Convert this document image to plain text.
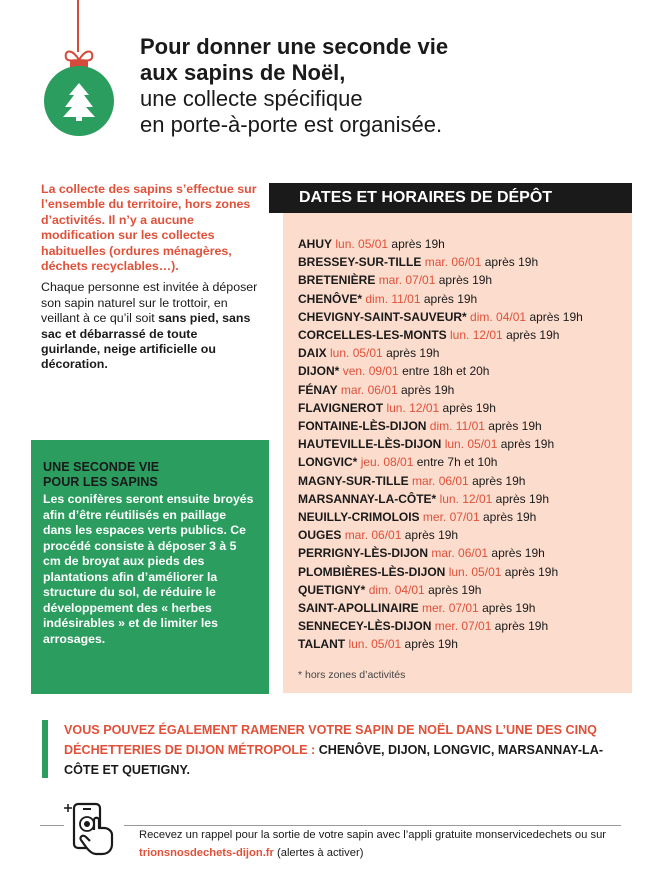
Pour donner une seconde vie
aux sapins de Noël,
une collecte spécifique
en porte-à-porte est organisée.
La collecte des sapins s’effectue sur l’ensemble du territoire, hors zones d’activités. Il n’y a aucune modification sur les collectes habituelles (ordures ménagères, déchets recyclables…).

Chaque personne est invitée à déposer son sapin naturel sur le trottoir, en veillant à ce qu’il soit sans pied, sans sac et débarrassé de toute guirlande, neige artificielle ou décoration.

UNE SECONDE VIE
POUR LES SAPINS
Les conifères seront ensuite broyés afin d’être réutilisés en paillage dans les espaces verts publics. Ce procédé consiste à déposer 3 à 5 cm de broyat aux pieds des plantations afin d’améliorer la structure du sol, de réduire le développement des « herbes indésirables » et de limiter les arrosages.
DATES ET HORAIRES DE DÉPÔT
AHUY lun. 05/01 après 19h
BRESSEY-SUR-TILLE mar. 06/01 après 19h
BRETENIÈRE mar. 07/01 après 19h
CHENÔVE* dim. 11/01 après 19h
CHEVIGNY-SAINT-SAUVEUR* dim. 04/01 après 19h
CORCELLES-LES-MONTS lun. 12/01 après 19h
DAIX lun. 05/01 après 19h
DIJON* ven. 09/01 entre 18h et 20h
FÉNAY mar. 06/01 après 19h
FLAVIGNEROT lun. 12/01 après 19h
FONTAINE-LÈS-DIJON dim. 11/01 après 19h
HAUTEVILLE-LÈS-DIJON lun. 05/01 après 19h
LONGVIC* jeu. 08/01 entre 7h et 10h
MAGNY-SUR-TILLE mar. 06/01 après 19h
MARSANNAY-LA-CÔTE* lun. 12/01 après 19h
NEUILLY-CRIMOLOIS mer. 07/01 après 19h
OUGES mar. 06/01 après 19h
PERRIGNY-LÈS-DIJON mar. 06/01 après 19h
PLOMBIÈRES-LÈS-DIJON lun. 05/01 après 19h
QUETIGNY* dim. 04/01 après 19h
SAINT-APOLLINAIRE mer. 07/01 après 19h
SENNECEY-LÈS-DIJON mer. 07/01 après 19h
TALANT lun. 05/01 après 19h
* hors zones d’activités
VOUS POUVEZ ÉGALEMENT RAMENER VOTRE SAPIN DE NOËL DANS L’UNE DES CINQ DÉCHETTERIES DE DIJON MÉTROPOLE : CHENÔVE, DIJON, LONGVIC, MARSANNAY-LA-CÔTE ET QUETIGNY.
Recevez un rappel pour la sortie de votre sapin avec l’appli gratuite monservicedechets ou sur trionsnosdechets-dijon.fr (alertes à activer)
